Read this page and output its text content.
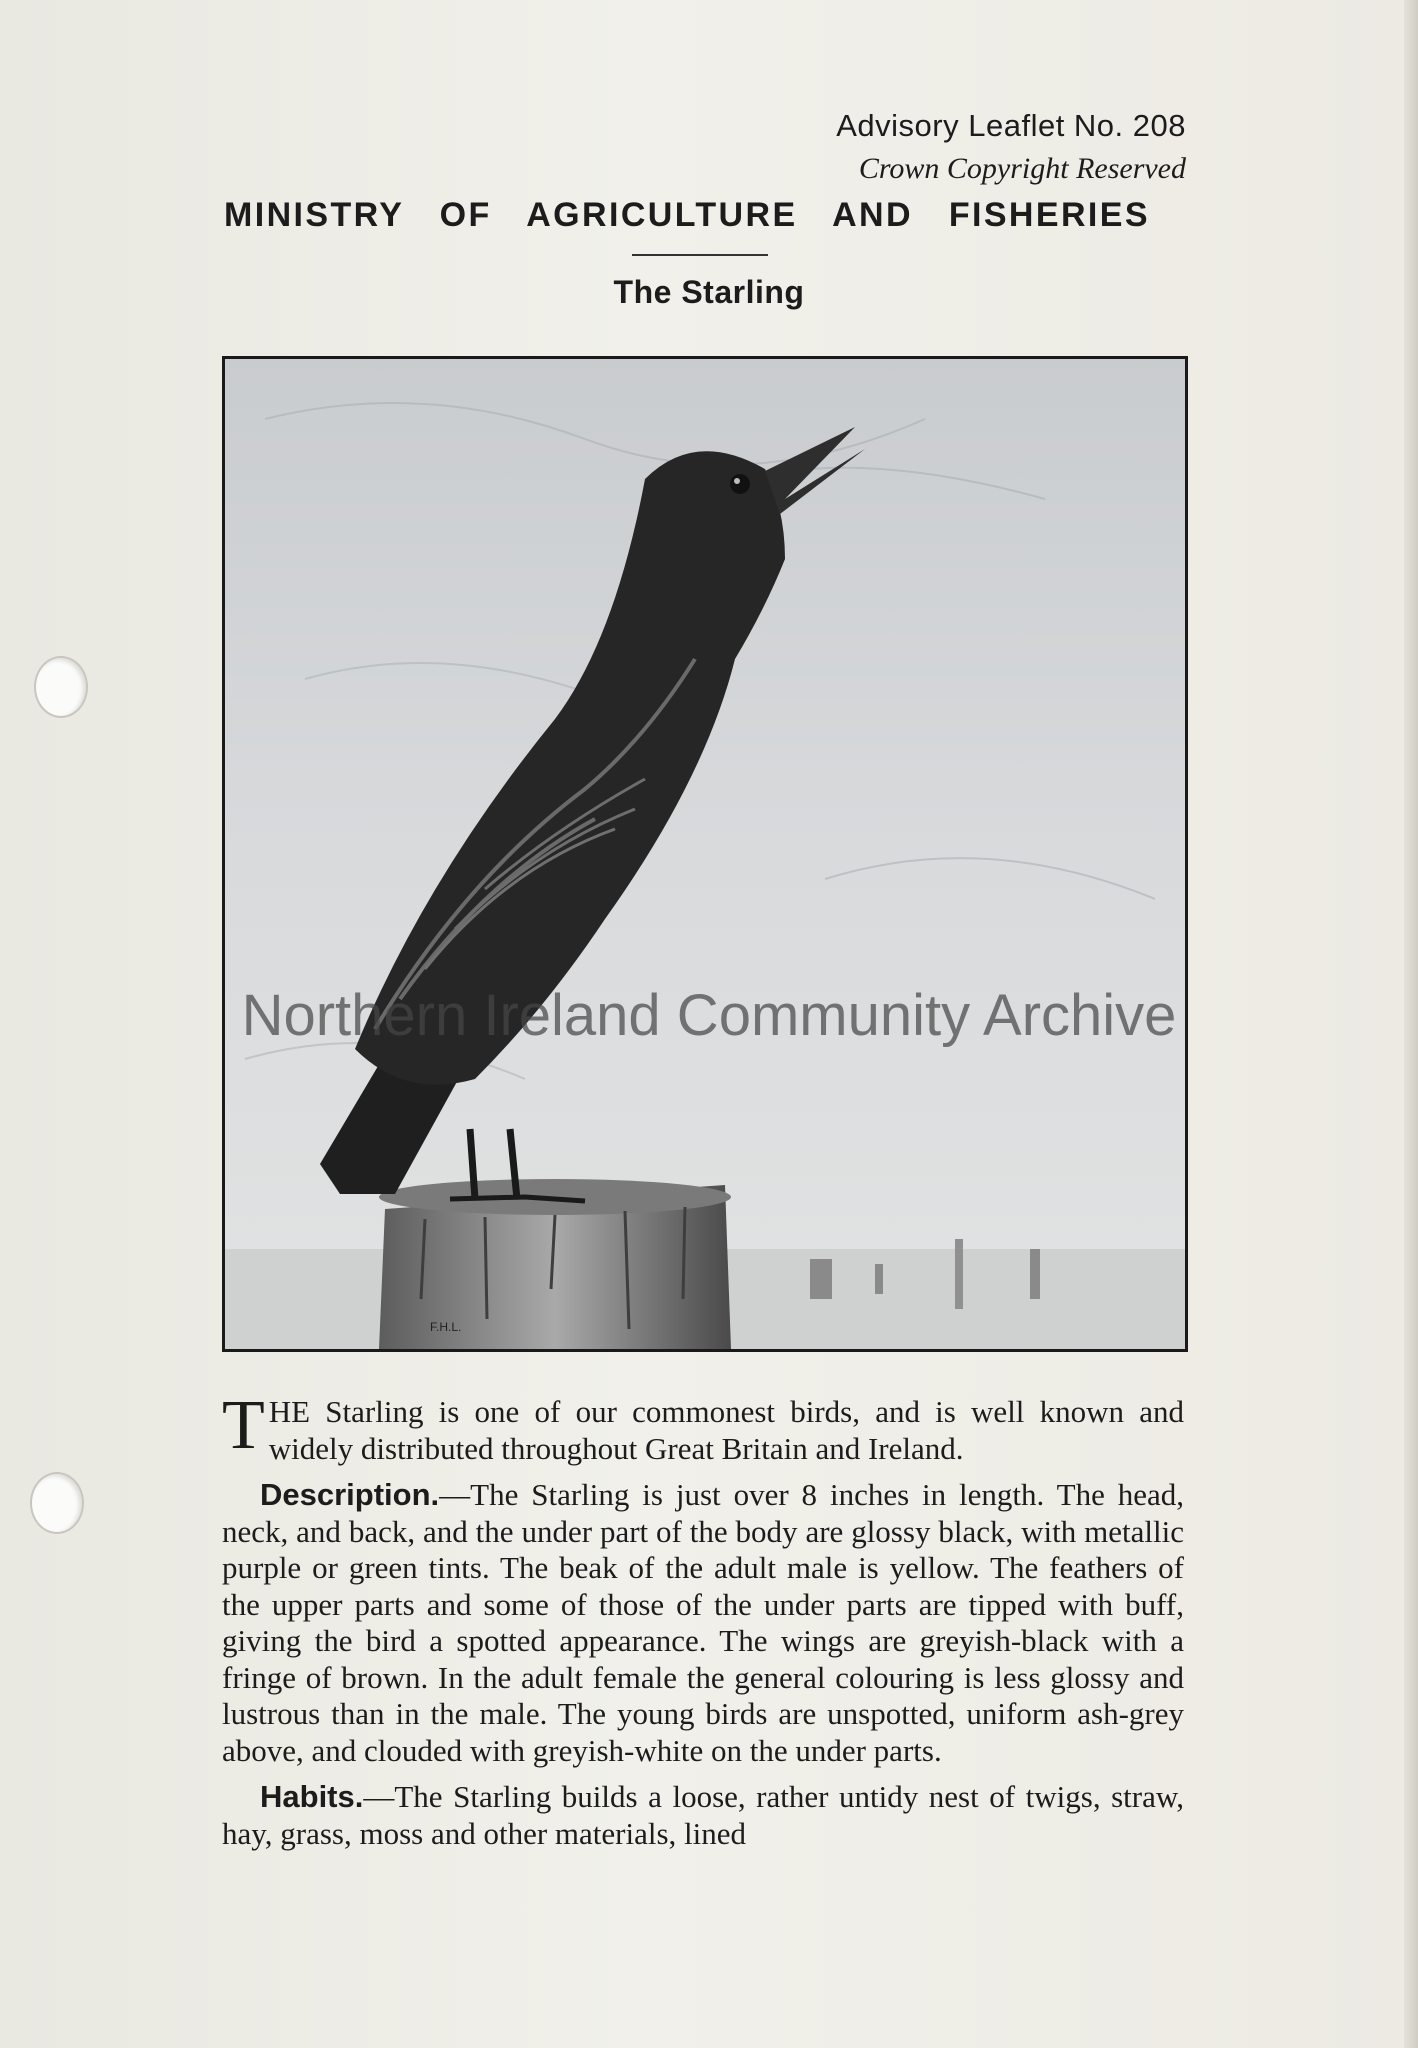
Advisory Leaflet No. 208
Crown Copyright Reserved
MINISTRY OF AGRICULTURE AND FISHERIES
The Starling
F.H.L.
Northern Ireland Community Archive

THE Starling is one of our commonest birds, and is well known and widely distributed throughout Great Britain and Ireland.

Description.—The Starling is just over 8 inches in length. The head, neck, and back, and the under part of the body are glossy black, with metallic purple or green tints. The beak of the adult male is yellow. The feathers of the upper parts and some of those of the under parts are tipped with buff, giving the bird a spotted appearance. The wings are greyish-black with a fringe of brown. In the adult female the general colouring is less glossy and lustrous than in the male. The young birds are unspotted, uniform ash-grey above, and clouded with greyish-white on the under parts.

Habits.—The Starling builds a loose, rather untidy nest of twigs, straw, hay, grass, moss and other materials, lined
